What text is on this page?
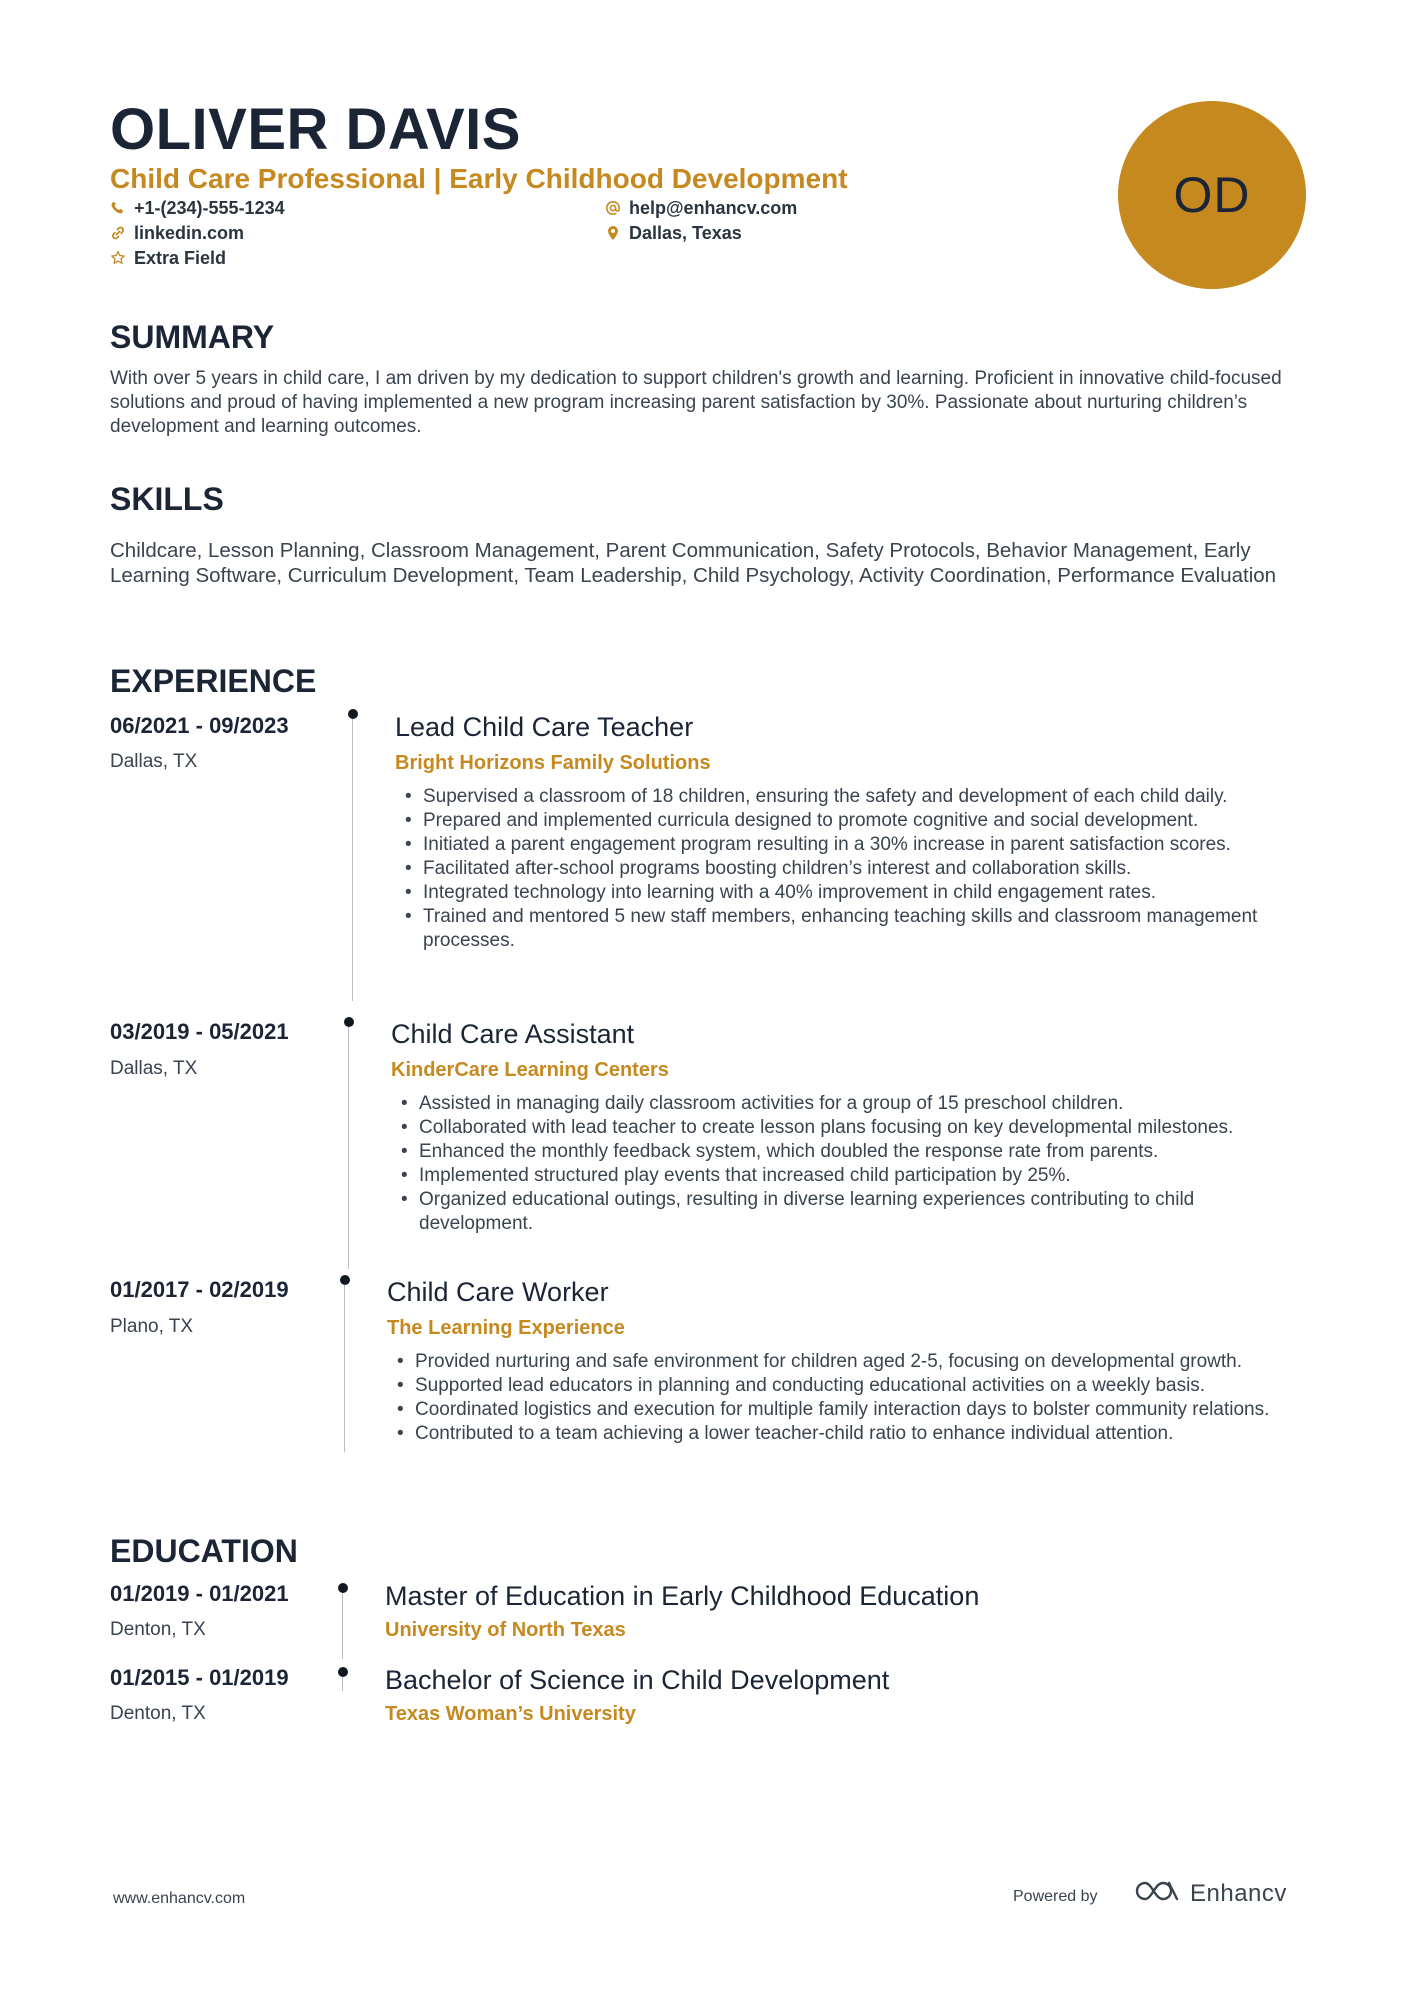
OLIVER DAVIS
Child Care Professional | Early Childhood Development
+1-(234)-555-1234
linkedin.com
Extra Field
help@enhancv.com
Dallas, Texas
OD
SUMMARY
With over 5 years in child care, I am driven by my dedication to support children's growth and learning. Proficient in innovative child-focused solutions and proud of having implemented a new program increasing parent satisfaction by 30%. Passionate about nurturing children’s development and learning outcomes.
SKILLS
Childcare, Lesson Planning, Classroom Management, Parent Communication, Safety Protocols, Behavior Management, Early Learning Software, Curriculum Development, Team Leadership, Child Psychology, Activity Coordination, Performance Evaluation
EXPERIENCE
06/2021 - 09/2023
Dallas, TX
Lead Child Care Teacher
Bright Horizons Family Solutions
• Supervised a classroom of 18 children, ensuring the safety and development of each child daily.
• Prepared and implemented curricula designed to promote cognitive and social development.
• Initiated a parent engagement program resulting in a 30% increase in parent satisfaction scores.
• Facilitated after-school programs boosting children’s interest and collaboration skills.
• Integrated technology into learning with a 40% improvement in child engagement rates.
• Trained and mentored 5 new staff members, enhancing teaching skills and classroom management processes.
03/2019 - 05/2021
Dallas, TX
Child Care Assistant
KinderCare Learning Centers
• Assisted in managing daily classroom activities for a group of 15 preschool children.
• Collaborated with lead teacher to create lesson plans focusing on key developmental milestones.
• Enhanced the monthly feedback system, which doubled the response rate from parents.
• Implemented structured play events that increased child participation by 25%.
• Organized educational outings, resulting in diverse learning experiences contributing to child development.
01/2017 - 02/2019
Plano, TX
Child Care Worker
The Learning Experience
• Provided nurturing and safe environment for children aged 2-5, focusing on developmental growth.
• Supported lead educators in planning and conducting educational activities on a weekly basis.
• Coordinated logistics and execution for multiple family interaction days to bolster community relations.
• Contributed to a team achieving a lower teacher-child ratio to enhance individual attention.
EDUCATION
01/2019 - 01/2021
Denton, TX
Master of Education in Early Childhood Education
University of North Texas
01/2015 - 01/2019
Denton, TX
Bachelor of Science in Child Development
Texas Woman’s University
www.enhancv.com	Powered by	Enhancv
